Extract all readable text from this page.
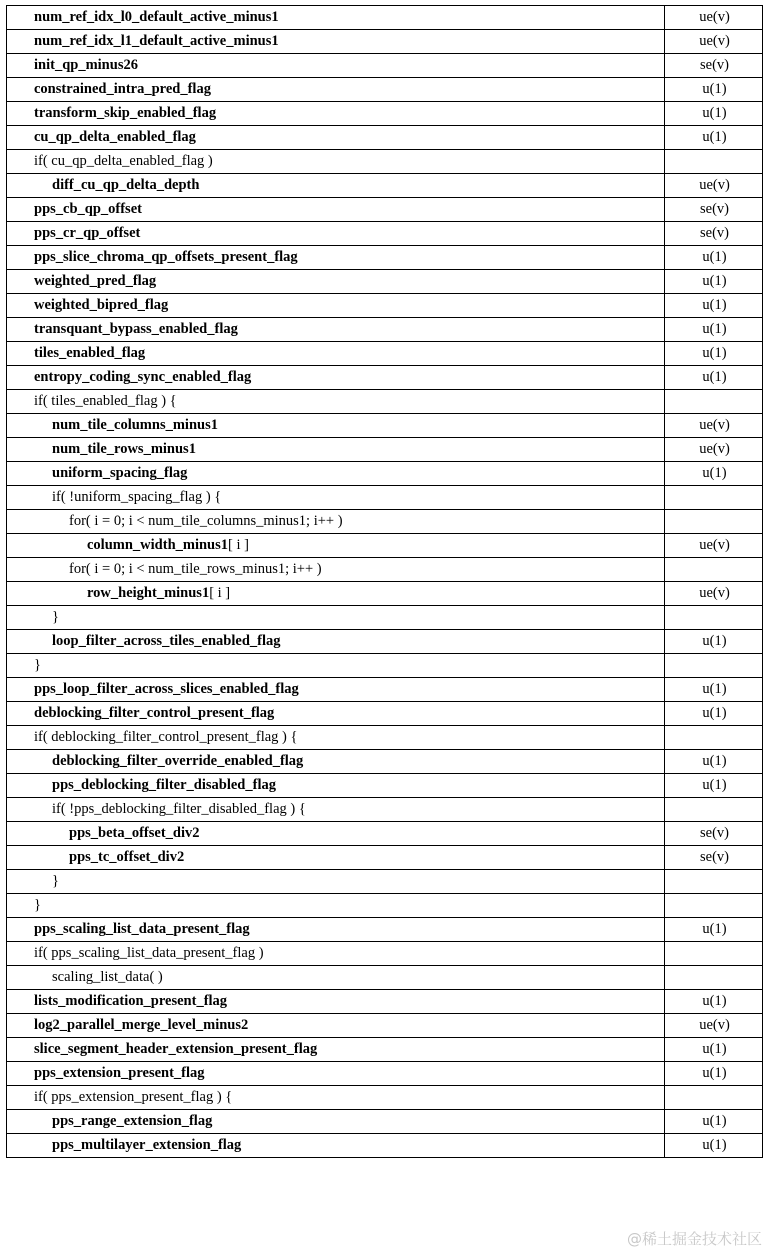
num_ref_idx_l0_default_active_minus1	ue(v)
num_ref_idx_l1_default_active_minus1	ue(v)
init_qp_minus26	se(v)
constrained_intra_pred_flag	u(1)
transform_skip_enabled_flag	u(1)
cu_qp_delta_enabled_flag	u(1)
if( cu_qp_delta_enabled_flag )	
diff_cu_qp_delta_depth	ue(v)
pps_cb_qp_offset	se(v)
pps_cr_qp_offset	se(v)
pps_slice_chroma_qp_offsets_present_flag	u(1)
weighted_pred_flag	u(1)
weighted_bipred_flag	u(1)
transquant_bypass_enabled_flag	u(1)
tiles_enabled_flag	u(1)
entropy_coding_sync_enabled_flag	u(1)
if( tiles_enabled_flag ) {	
num_tile_columns_minus1	ue(v)
num_tile_rows_minus1	ue(v)
uniform_spacing_flag	u(1)
if( !uniform_spacing_flag ) {	
for( i = 0; i < num_tile_columns_minus1; i++ )	
column_width_minus1[ i ]	ue(v)
for( i = 0; i < num_tile_rows_minus1; i++ )	
row_height_minus1[ i ]	ue(v)
}	
loop_filter_across_tiles_enabled_flag	u(1)
}	
pps_loop_filter_across_slices_enabled_flag	u(1)
deblocking_filter_control_present_flag	u(1)
if( deblocking_filter_control_present_flag ) {	
deblocking_filter_override_enabled_flag	u(1)
pps_deblocking_filter_disabled_flag	u(1)
if( !pps_deblocking_filter_disabled_flag ) {	
pps_beta_offset_div2	se(v)
pps_tc_offset_div2	se(v)
}	
}	
pps_scaling_list_data_present_flag	u(1)
if( pps_scaling_list_data_present_flag )	
scaling_list_data( )	
lists_modification_present_flag	u(1)
log2_parallel_merge_level_minus2	ue(v)
slice_segment_header_extension_present_flag	u(1)
pps_extension_present_flag	u(1)
if( pps_extension_present_flag ) {	
pps_range_extension_flag	u(1)
pps_multilayer_extension_flag	u(1)
@稀土掘金技术社区
